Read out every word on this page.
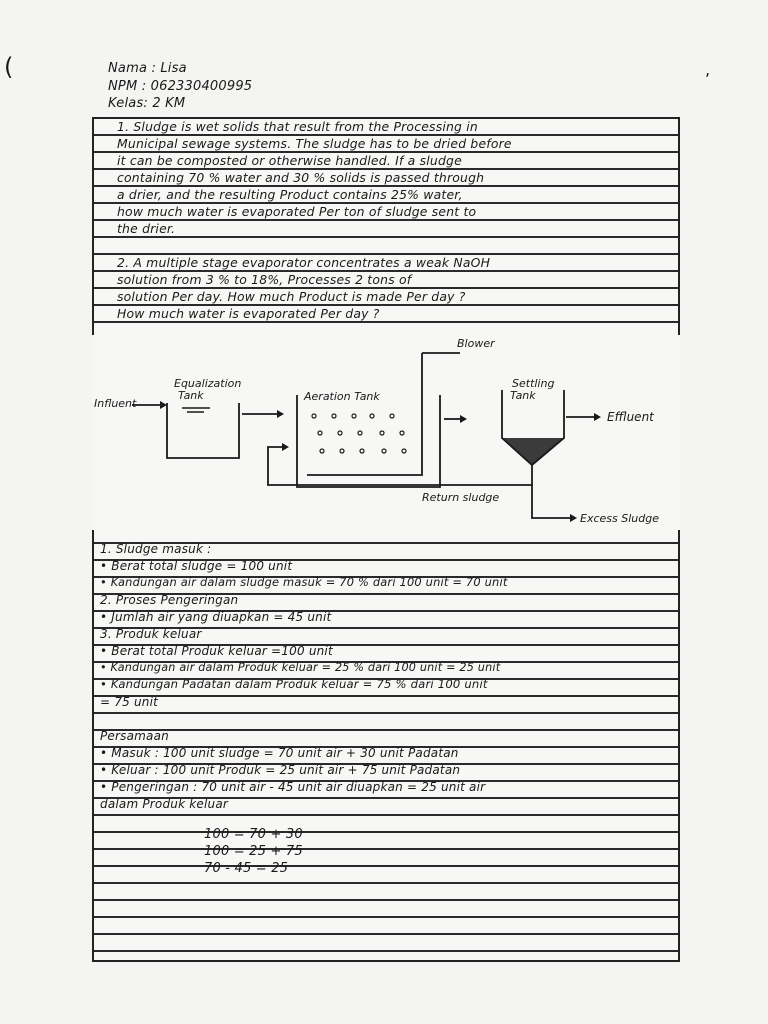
(	,
Nama : Lisa
NPM : 062330400995
Kelas: 2 KM
1. Sludge is wet solids that result from the Processing in
Municipal sewage systems. The sludge has to be dried before
it can be composted or otherwise handled. If a sludge
containing 70 % water and 30 % solids is passed through
a drier, and the resulting Product contains 25% water,
how much water is evaporated Per ton of sludge sent to
the drier.
2. A multiple stage evaporator concentrates a weak NaOH
solution from 3 % to 18%, Processes 2 tons of
solution Per day. How much Product is made Per day ?
How much water is evaporated Per day ?
Influent
Equalization
Tank	Aeration Tank
Blower
Settling
Tank
Effluent
Return sludge
Excess Sludge
1. Sludge masuk :
• Berat total sludge = 100 unit
• Kandungan air dalam sludge masuk = 70 % dari 100 unit = 70 unit
2. Proses Pengeringan
• Jumlah air yang diuapkan = 45 unit
3. Produk keluar
• Berat total Produk keluar =100 unit
• Kandungan air dalam Produk keluar = 25 % dari 100 unit = 25 unit
• Kandungan Padatan dalam Produk keluar = 75 % dari 100 unit
= 75 unit
Persamaan
• Masuk : 100 unit sludge = 70 unit air + 30 unit Padatan
• Keluar : 100 unit Produk = 25 unit air + 75 unit Padatan
• Pengeringan : 70 unit air - 45 unit air diuapkan = 25 unit air
dalam Produk keluar
100 = 70 + 30
100 = 25 + 75
70 - 45 = 25
